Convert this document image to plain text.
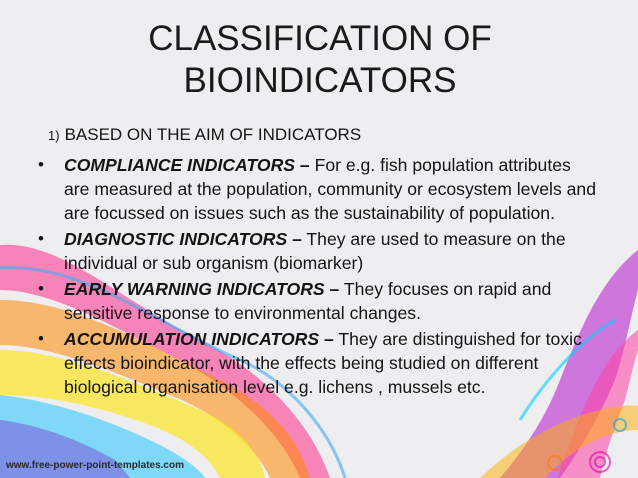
CLASSIFICATION OF
BIOINDICATORS
1) BASED ON THE AIM OF INDICATORS
• COMPLIANCE INDICATORS – For e.g. fish population attributes are measured at the population, community or ecosystem levels and are focussed on issues such as the sustainability of population.
• DIAGNOSTIC INDICATORS – They are used to measure on the individual or sub organism (biomarker)
• EARLY WARNING INDICATORS – They focuses on rapid and sensitive response to environmental changes.
• ACCUMULATION INDICATORS – They are distinguished for toxic effects bioindicator, with the effects being studied on different biological organisation level e.g. lichens , mussels etc.
www.free-power-point-templates.com
